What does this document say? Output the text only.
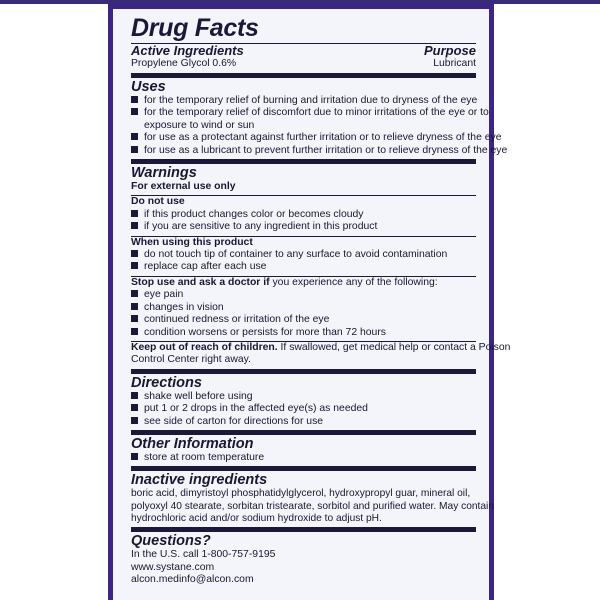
Drug Facts
Active Ingredients	Purpose
Propylene Glycol 0.6%	Lubricant
Uses
for the temporary relief of burning and irritation due to dryness of the eye
for the temporary relief of discomfort due to minor irritations of the eye or to
exposure to wind or sun
for use as a protectant against further irritation or to relieve dryness of the eye
for use as a lubricant to prevent further irritation or to relieve dryness of the eye
Warnings
For external use only
Do not use
if this product changes color or becomes cloudy
if you are sensitive to any ingredient in this product
When using this product
do not touch tip of container to any surface to avoid contamination
replace cap after each use
Stop use and ask a doctor if you experience any of the following:
eye pain
changes in vision
continued redness or irritation of the eye
condition worsens or persists for more than 72 hours
Keep out of reach of children. If swallowed, get medical help or contact a Poison
Control Center right away.
Directions
shake well before using
put 1 or 2 drops in the affected eye(s) as needed
see side of carton for directions for use
Other Information
store at room temperature
Inactive ingredients
boric acid, dimyristoyl phosphatidylglycerol, hydroxypropyl guar, mineral oil,
polyoxyl 40 stearate, sorbitan tristearate, sorbitol and purified water. May contain
hydrochloric acid and/or sodium hydroxide to adjust pH.
Questions?
In the U.S. call 1-800-757-9195
www.systane.com
alcon.medinfo@alcon.com
